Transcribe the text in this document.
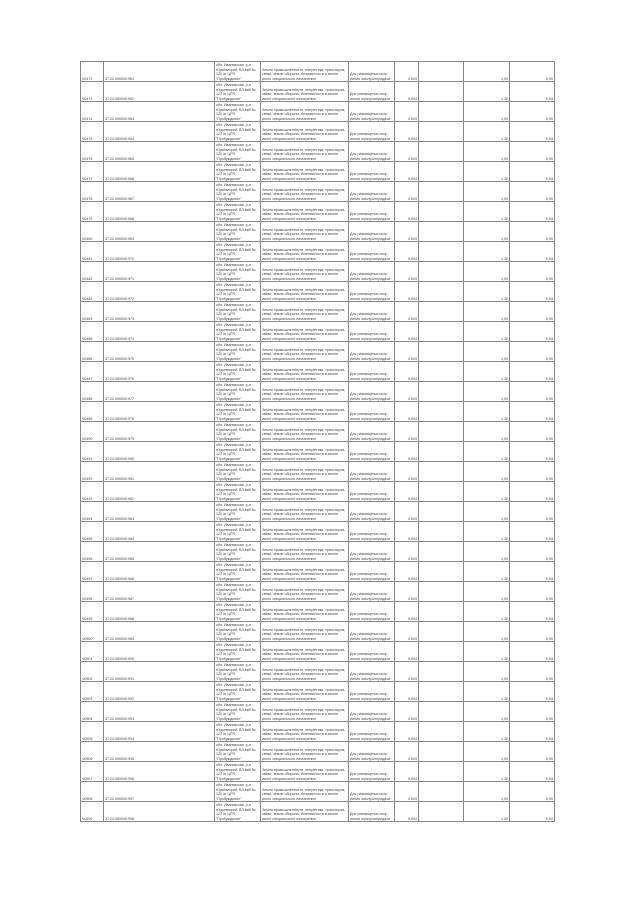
Ч0472	37:22:000000:961	обл. Ивановская, р-н Юрьевецкий, ВЛ-6кВ № 120 от ЦРП "Пробуждение"	Земли промышленности, энергетики, транспорта, связи, земли обороны, безопасности и земли иного специального назначения	Для размещения опор линии электропередачи	0,004		1,00	0,00
Ч0473	37:22:000000:962	обл. Ивановская, р-н Юрьевецкий, ВЛ-6кВ № 120 от ЦРП "Пробуждение"	Земли промышленности, энергетики, транспорта, связи, земли обороны, безопасности и земли иного специального назначения	Для размещения опор линии электропередачи	0,004		1,00	0,00
Ч0474	37:22:000000:963	обл. Ивановская, р-н Юрьевецкий, ВЛ-6кВ № 120 от ЦРП "Пробуждение"	Земли промышленности, энергетики, транспорта, связи, земли обороны, безопасности и земли иного специального назначения	Для размещения опор линии электропередачи	0,004		1,00	0,00
Ч0475	37:22:000000:964	обл. Ивановская, р-н Юрьевецкий, ВЛ-6кВ № 120 от ЦРП "Пробуждение"	Земли промышленности, энергетики, транспорта, связи, земли обороны, безопасности и земли иного специального назначения	Для размещения опор линии электропередачи	0,004		1,00	0,00
Ч0476	37:22:000000:965	обл. Ивановская, р-н Юрьевецкий, ВЛ-6кВ № 120 от ЦРП "Пробуждение"	Земли промышленности, энергетики, транспорта, связи, земли обороны, безопасности и земли иного специального назначения	Для размещения опор линии электропередачи	0,004		1,00	0,00
Ч0477	37:22:000000:966	обл. Ивановская, р-н Юрьевецкий, ВЛ-6кВ № 120 от ЦРП "Пробуждение"	Земли промышленности, энергетики, транспорта, связи, земли обороны, безопасности и земли иного специального назначения	Для размещения опор линии электропередачи	0,004		1,00	0,00
Ч0478	37:22:000000:967	обл. Ивановская, р-н Юрьевецкий, ВЛ-6кВ № 120 от ЦРП "Пробуждение"	Земли промышленности, энергетики, транспорта, связи, земли обороны, безопасности и земли иного специального назначения	Для размещения опор линии электропередачи	0,004		1,00	0,00
Ч0479	37:22:000000:968	обл. Ивановская, р-н Юрьевецкий, ВЛ-6кВ № 120 от ЦРП "Пробуждение"	Земли промышленности, энергетики, транспорта, связи, земли обороны, безопасности и земли иного специального назначения	Для размещения опор линии электропередачи	0,004		1,00	0,00
Ч0480	37:22:000000:969	обл. Ивановская, р-н Юрьевецкий, ВЛ-6кВ № 120 от ЦРП "Пробуждение"	Земли промышленности, энергетики, транспорта, связи, земли обороны, безопасности и земли иного специального назначения	Для размещения опор линии электропередачи	0,004		1,00	0,00
Ч0481	37:22:000000:970	обл. Ивановская, р-н Юрьевецкий, ВЛ-6кВ № 120 от ЦРП "Пробуждение"	Земли промышленности, энергетики, транспорта, связи, земли обороны, безопасности и земли иного специального назначения	Для размещения опор линии электропередачи	0,004		1,00	0,00
Ч0482	37:22:000000:971	обл. Ивановская, р-н Юрьевецкий, ВЛ-6кВ № 120 от ЦРП "Пробуждение"	Земли промышленности, энергетики, транспорта, связи, земли обороны, безопасности и земли иного специального назначения	Для размещения опор линии электропередачи	0,004		1,00	0,00
Ч0483	37:22:000000:972	обл. Ивановская, р-н Юрьевецкий, ВЛ-6кВ № 120 от ЦРП "Пробуждение"	Земли промышленности, энергетики, транспорта, связи, земли обороны, безопасности и земли иного специального назначения	Для размещения опор линии электропередачи	0,004		1,00	0,00
Ч0484	37:22:000000:973	обл. Ивановская, р-н Юрьевецкий, ВЛ-6кВ № 120 от ЦРП "Пробуждение"	Земли промышленности, энергетики, транспорта, связи, земли обороны, безопасности и земли иного специального назначения	Для размещения опор линии электропередачи	0,004		1,00	0,00
Ч0485	37:22:000000:974	обл. Ивановская, р-н Юрьевецкий, ВЛ-6кВ № 120 от ЦРП "Пробуждение"	Земли промышленности, энергетики, транспорта, связи, земли обороны, безопасности и земли иного специального назначения	Для размещения опор линии электропередачи	0,004		1,00	0,00
Ч0486	37:22:000000:975	обл. Ивановская, р-н Юрьевецкий, ВЛ-6кВ № 120 от ЦРП "Пробуждение"	Земли промышленности, энергетики, транспорта, связи, земли обороны, безопасности и земли иного специального назначения	Для размещения опор линии электропередачи	0,004		1,00	0,00
Ч0487	37:22:000000:976	обл. Ивановская, р-н Юрьевецкий, ВЛ-6кВ № 120 от ЦРП "Пробуждение"	Земли промышленности, энергетики, транспорта, связи, земли обороны, безопасности и земли иного специального назначения	Для размещения опор линии электропередачи	0,004		1,00	0,00
Ч0488	37:22:000000:977	обл. Ивановская, р-н Юрьевецкий, ВЛ-6кВ № 120 от ЦРП "Пробуждение"	Земли промышленности, энергетики, транспорта, связи, земли обороны, безопасности и земли иного специального назначения	Для размещения опор линии электропередачи	0,004		1,00	0,00
Ч0489	37:22:000000:978	обл. Ивановская, р-н Юрьевецкий, ВЛ-6кВ № 120 от ЦРП "Пробуждение"	Земли промышленности, энергетики, транспорта, связи, земли обороны, безопасности и земли иного специального назначения	Для размещения опор линии электропередачи	0,004		1,00	0,00
Ч0490	37:22:000000:979	обл. Ивановская, р-н Юрьевецкий, ВЛ-6кВ № 120 от ЦРП "Пробуждение"	Земли промышленности, энергетики, транспорта, связи, земли обороны, безопасности и земли иного специального назначения	Для размещения опор линии электропередачи	0,004		1,00	0,00
Ч0491	37:22:000000:980	обл. Ивановская, р-н Юрьевецкий, ВЛ-6кВ № 120 от ЦРП "Пробуждение"	Земли промышленности, энергетики, транспорта, связи, земли обороны, безопасности и земли иного специального назначения	Для размещения опор линии электропередачи	0,004		1,00	0,00
Ч0492	37:22:000000:981	обл. Ивановская, р-н Юрьевецкий, ВЛ-6кВ № 120 от ЦРП "Пробуждение"	Земли промышленности, энергетики, транспорта, связи, земли обороны, безопасности и земли иного специального назначения	Для размещения опор линии электропередачи	0,004		1,00	0,00
Ч0493	37:22:000000:982	обл. Ивановская, р-н Юрьевецкий, ВЛ-6кВ № 120 от ЦРП "Пробуждение"	Земли промышленности, энергетики, транспорта, связи, земли обороны, безопасности и земли иного специального назначения	Для размещения опор линии электропередачи	0,004		1,00	0,00
Ч0494	37:22:000000:983	обл. Ивановская, р-н Юрьевецкий, ВЛ-6кВ № 120 от ЦРП "Пробуждение"	Земли промышленности, энергетики, транспорта, связи, земли обороны, безопасности и земли иного специального назначения	Для размещения опор линии электропередачи	0,004		1,00	0,00
Ч0495	37:22:000000:984	обл. Ивановская, р-н Юрьевецкий, ВЛ-6кВ № 120 от ЦРП "Пробуждение"	Земли промышленности, энергетики, транспорта, связи, земли обороны, безопасности и земли иного специального назначения	Для размещения опор линии электропередачи	0,004		1,00	0,00
Ч0496	37:22:000000:985	обл. Ивановская, р-н Юрьевецкий, ВЛ-6кВ № 120 от ЦРП "Пробуждение"	Земли промышленности, энергетики, транспорта, связи, земли обороны, безопасности и земли иного специального назначения	Для размещения опор линии электропередачи	0,004		1,00	0,00
Ч0497	37:22:000000:986	обл. Ивановская, р-н Юрьевецкий, ВЛ-6кВ № 120 от ЦРП "Пробуждение"	Земли промышленности, энергетики, транспорта, связи, земли обороны, безопасности и земли иного специального назначения	Для размещения опор линии электропередачи	0,004		1,00	0,00
Ч0498	37:22:000000:987	обл. Ивановская, р-н Юрьевецкий, ВЛ-6кВ № 120 от ЦРП "Пробуждение"	Земли промышленности, энергетики, транспорта, связи, земли обороны, безопасности и земли иного специального назначения	Для размещения опор линии электропередачи	0,004		1,00	0,00
Ч0499	37:22:000000:988	обл. Ивановская, р-н Юрьевецкий, ВЛ-6кВ № 120 от ЦРП "Пробуждение"	Земли промышленности, энергетики, транспорта, связи, земли обороны, безопасности и земли иного специального назначения	Для размещения опор линии электропередачи	0,004		1,00	0,00
Ч0500	37:22:000000:989	обл. Ивановская, р-н Юрьевецкий, ВЛ-6кВ № 120 от ЦРП "Пробуждение"	Земли промышленности, энергетики, транспорта, связи, земли обороны, безопасности и земли иного специального назначения	Для размещения опор линии электропередачи	0,004		1,00	0,00
Ч0501	37:22:000000:990	обл. Ивановская, р-н Юрьевецкий, ВЛ-6кВ № 120 от ЦРП "Пробуждение"	Земли промышленности, энергетики, транспорта, связи, земли обороны, безопасности и земли иного специального назначения	Для размещения опор линии электропередачи	0,004		1,00	0,00
Ч0502	37:22:000000:991	обл. Ивановская, р-н Юрьевецкий, ВЛ-6кВ № 120 от ЦРП "Пробуждение"	Земли промышленности, энергетики, транспорта, связи, земли обороны, безопасности и земли иного специального назначения	Для размещения опор линии электропередачи	0,004		1,00	0,00
Ч0503	37:22:000000:992	обл. Ивановская, р-н Юрьевецкий, ВЛ-6кВ № 120 от ЦРП "Пробуждение"	Земли промышленности, энергетики, транспорта, связи, земли обороны, безопасности и земли иного специального назначения	Для размещения опор линии электропередачи	0,004		1,00	0,00
Ч0504	37:22:000000:993	обл. Ивановская, р-н Юрьевецкий, ВЛ-6кВ № 120 от ЦРП "Пробуждение"	Земли промышленности, энергетики, транспорта, связи, земли обороны, безопасности и земли иного специального назначения	Для размещения опор линии электропередачи	0,004		1,00	0,00
Ч0505	37:22:000000:994	обл. Ивановская, р-н Юрьевецкий, ВЛ-6кВ № 120 от ЦРП "Пробуждение"	Земли промышленности, энергетики, транспорта, связи, земли обороны, безопасности и земли иного специального назначения	Для размещения опор линии электропередачи	0,004		1,00	0,00
Ч0506	37:22:000000:995	обл. Ивановская, р-н Юрьевецкий, ВЛ-6кВ № 120 от ЦРП "Пробуждение"	Земли промышленности, энергетики, транспорта, связи, земли обороны, безопасности и земли иного специального назначения	Для размещения опор линии электропередачи	0,004		1,00	0,00
Ч0507	37:22:000000:996	обл. Ивановская, р-н Юрьевецкий, ВЛ-6кВ № 120 от ЦРП "Пробуждение"	Земли промышленности, энергетики, транспорта, связи, земли обороны, безопасности и земли иного специального назначения	Для размещения опор линии электропередачи	0,004		1,00	0,00
Ч0508	37:22:000000:997	обл. Ивановская, р-н Юрьевецкий, ВЛ-6кВ № 120 от ЦРП "Пробуждение"	Земли промышленности, энергетики, транспорта, связи, земли обороны, безопасности и земли иного специального назначения	Для размещения опор линии электропередачи	0,004		1,00	0,00
Ч0509	37:22:000000:998	обл. Ивановская, р-н Юрьевецкий, ВЛ-6кВ № 120 от ЦРП "Пробуждение"	Земли промышленности, энергетики, транспорта, связи, земли обороны, безопасности и земли иного специального назначения	Для размещения опор линии электропередачи	0,004		1,00	0,00
